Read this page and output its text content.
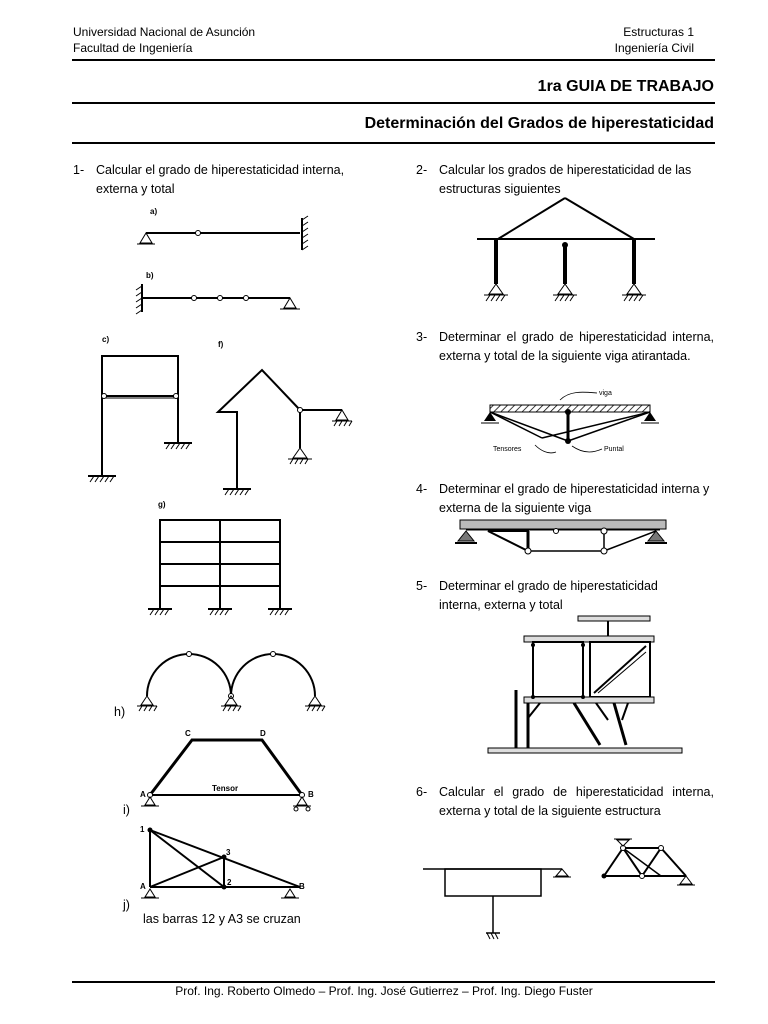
Universidad Nacional de Asunción
Facultad de Ingeniería
Estructuras 1
Ingeniería Civil
1ra GUIA DE TRABAJO
Determinación del Grados de hiperestaticidad
1- Calcular el grado de hiperestaticidad interna, externa y total
2- Calcular los grados de hiperestaticidad de las estructuras siguientes
3- Determinar el grado de hiperestaticidad interna, externa y total de la siguiente viga atirantada.
4- Determinar el grado de hiperestaticidad interna y externa de la siguiente viga
5- Determinar el grado de hiperestaticidad interna, externa y total
6- Calcular el grado de hiperestaticidad interna, externa y total de la siguiente estructura
a)
b)
c)
f)
g)
h)
C	D
A	B
Tensor
i)
1
3
2
A	B
j)
las barras 12 y A3 se cruzan
viga
Tensores	Puntal
Prof. Ing. Roberto Olmedo – Prof. Ing. José Gutierrez – Prof. Ing. Diego Fuster
